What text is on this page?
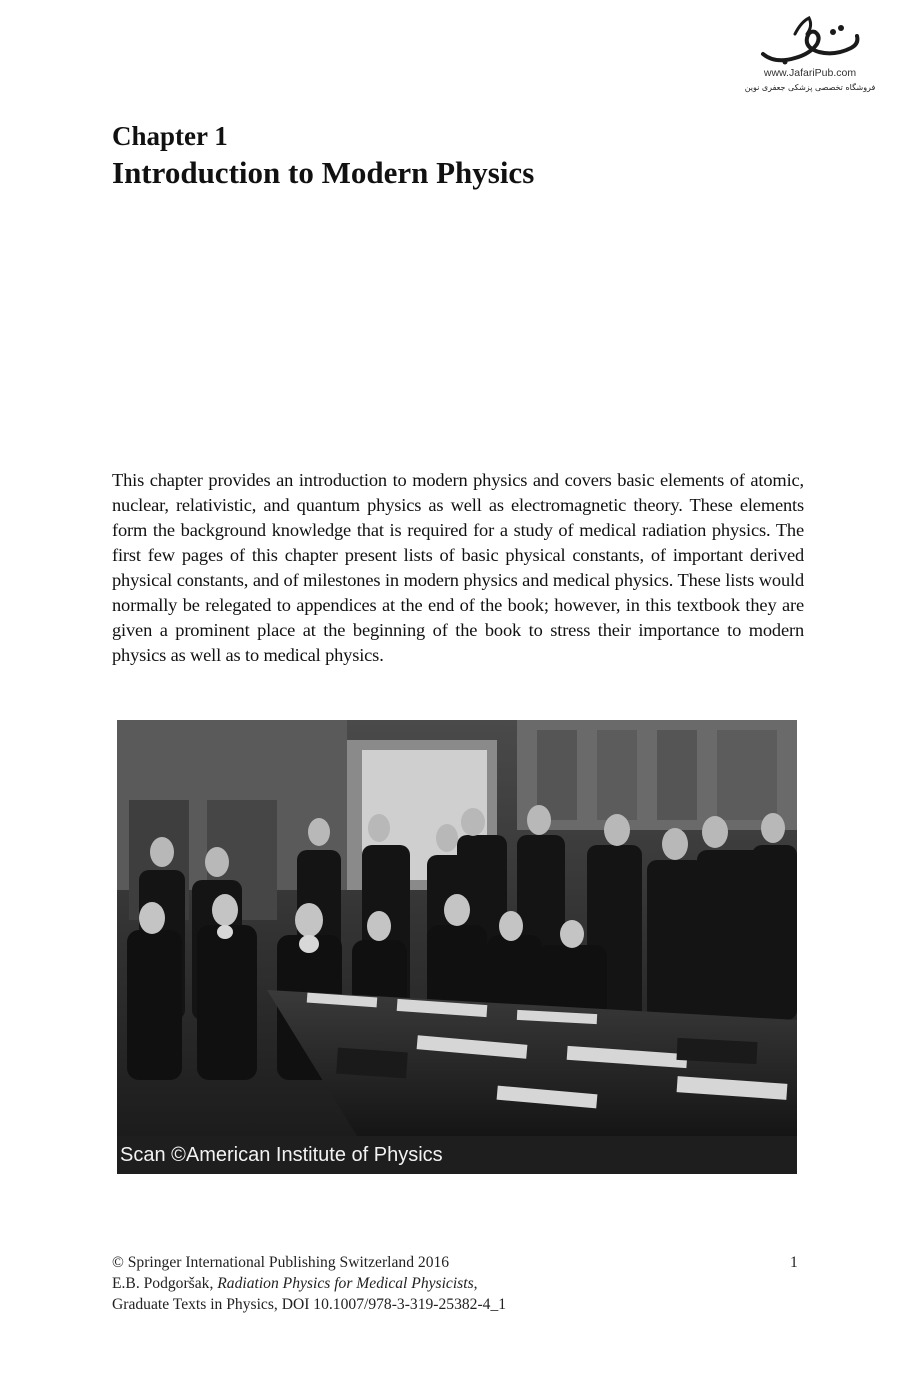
www.JafariPub.com
فروشگاه تخصصی پزشکی جعفری نوین
Chapter 1
Introduction to Modern Physics

This chapter provides an introduction to modern physics and covers basic elements of atomic, nuclear, relativistic, and quantum physics as well as electromagnetic theory. These elements form the background knowledge that is required for a study of medical radiation physics. The first few pages of this chapter present lists of basic physical constants, of important derived physical constants, and of milestones in modern physics and medical physics. These lists would normally be relegated to appendices at the end of the book; however, in this textbook they are given a prominent place at the beginning of the book to stress their importance to modern physics as well as to medical physics.

Scan ©American Institute of Physics
© Springer International Publishing Switzerland 2016
E.B. Podgoršak, Radiation Physics for Medical Physicists,
Graduate Texts in Physics, DOI 10.1007/978-3-319-25382-4_1
1
